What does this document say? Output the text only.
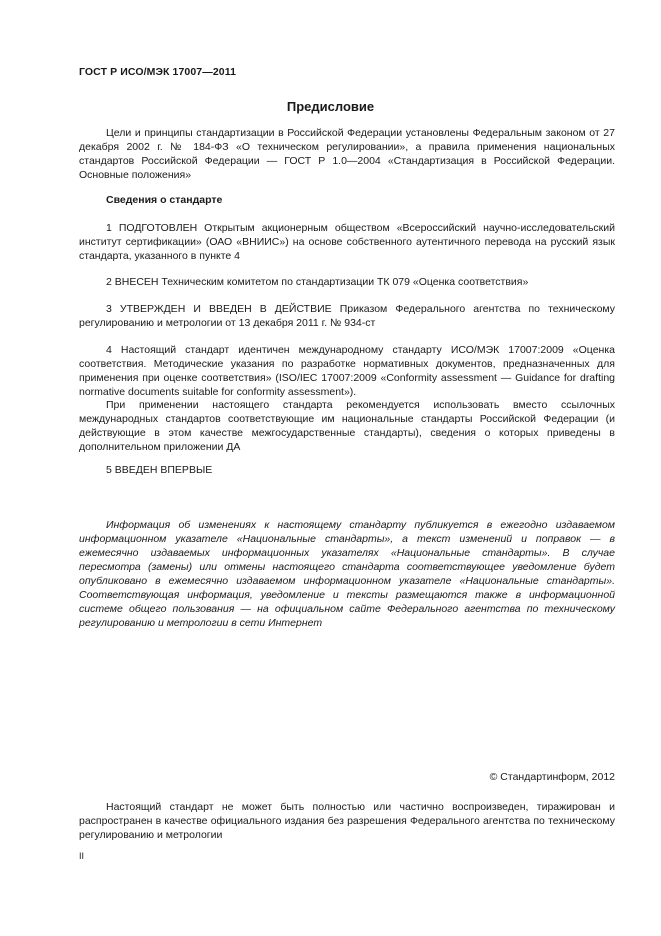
ГОСТ Р ИСО/МЭК 17007—2011
Предисловие
Цели и принципы стандартизации в Российской Федерации установлены Федеральным законом от 27 декабря 2002 г. № 184-ФЗ «О техническом регулировании», а правила применения национальных стандартов Российской Федерации — ГОСТ Р 1.0—2004 «Стандартизация в Российской Федерации. Основные положения»
Сведения о стандарте
1 ПОДГОТОВЛЕН Открытым акционерным обществом «Всероссийский научно-исследовательский институт сертификации» (ОАО «ВНИИС») на основе собственного аутентичного перевода на русский язык стандарта, указанного в пункте 4
2 ВНЕСЕН Техническим комитетом по стандартизации ТК 079 «Оценка соответствия»
3 УТВЕРЖДЕН И ВВЕДЕН В ДЕЙСТВИЕ Приказом Федерального агентства по техническому регулированию и метрологии от 13 декабря 2011 г. № 934-ст
4 Настоящий стандарт идентичен международному стандарту ИСО/МЭК 17007:2009 «Оценка соответствия. Методические указания по разработке нормативных документов, предназначенных для применения при оценке соответствия» (ISO/IEC 17007:2009 «Conformity assessment — Guidance for drafting normative documents suitable for conformity assessment»).
При применении настоящего стандарта рекомендуется использовать вместо ссылочных международных стандартов соответствующие им национальные стандарты Российской Федерации (и действующие в этом качестве межгосударственные стандарты), сведения о которых приведены в дополнительном приложении ДА
5 ВВЕДЕН ВПЕРВЫЕ
Информация об изменениях к настоящему стандарту публикуется в ежегодно издаваемом информационном указателе «Национальные стандарты», а текст изменений и поправок — в ежемесячно издаваемых информационных указателях «Национальные стандарты». В случае пересмотра (замены) или отмены настоящего стандарта соответствующее уведомление будет опубликовано в ежемесячно издаваемом информационном указателе «Национальные стандарты». Соответствующая информация, уведомление и тексты размещаются также в информационной системе общего пользования — на официальном сайте Федерального агентства по техническому регулированию и метрологии в сети Интернет
© Стандартинформ, 2012
Настоящий стандарт не может быть полностью или частично воспроизведен, тиражирован и распространен в качестве официального издания без разрешения Федерального агентства по техническому регулированию и метрологии
II
